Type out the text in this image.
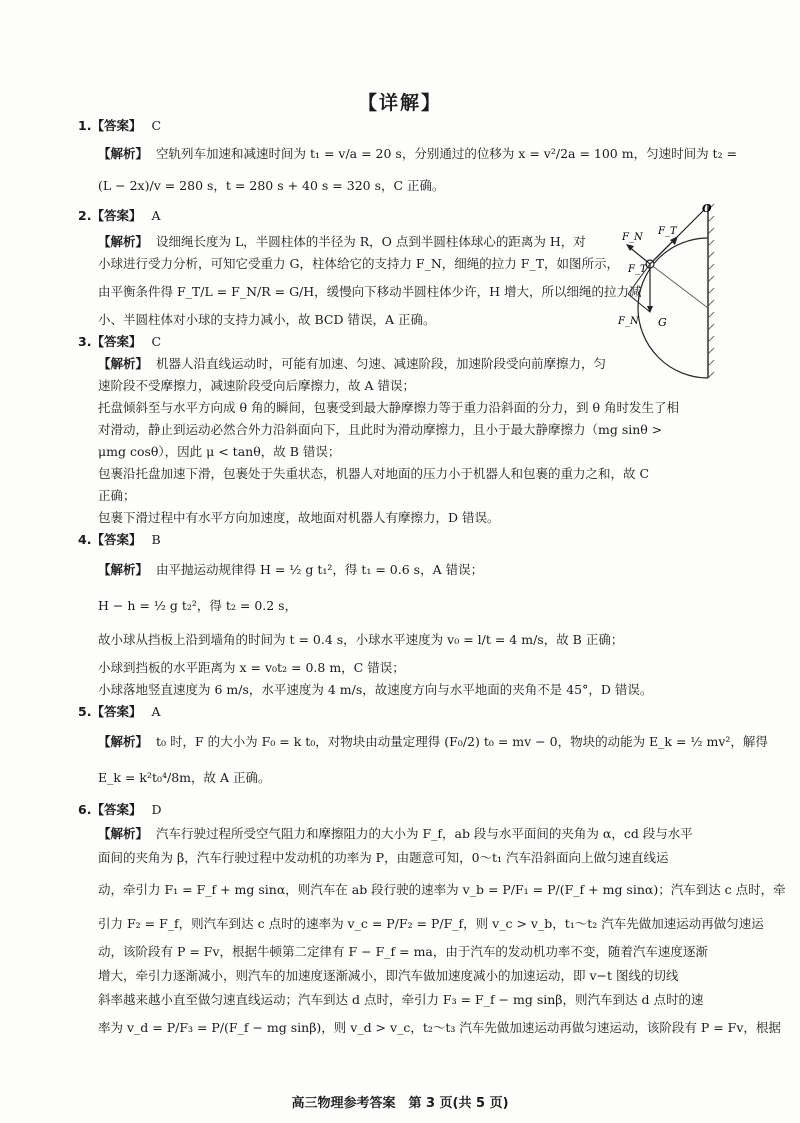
【详解】
1.【答案】 C
【解析】 空轨列车加速和减速时间为 t₁ = v/a = 20 s，分别通过的位移为 x = v²/2a = 100 m，匀速时间为 t₂ =
(L − 2x)/v = 280 s，t = 280 s + 40 s = 320 s，C 正确。
2.【答案】 A
【解析】 设细绳长度为 L，半圆柱体的半径为 R，O 点到半圆柱体球心的距离为 H，对
小球进行受力分析，可知它受重力 G，柱体给它的支持力 F_N，细绳的拉力 F_T，如图所示，
由平衡条件得 F_T/L = F_N/R = G/H，缓慢向下移动半圆柱体少许，H 增大，所以细绳的拉力减
小、半圆柱体对小球的支持力减小，故 BCD 错误，A 正确。
3.【答案】 C
【解析】 机器人沿直线运动时，可能有加速、匀速、减速阶段，加速阶段受向前摩擦力，匀
速阶段不受摩擦力，减速阶段受向后摩擦力，故 A 错误；
托盘倾斜至与水平方向成 θ 角的瞬间，包裹受到最大静摩擦力等于重力沿斜面的分力，到 θ 角时发生了相
对滑动，静止到运动必然合外力沿斜面向下，且此时为滑动摩擦力，且小于最大静摩擦力（mg sinθ >
μmg cosθ），因此 μ < tanθ，故 B 错误；
包裹沿托盘加速下滑，包裹处于失重状态，机器人对地面的压力小于机器人和包裹的重力之和，故 C
正确；
包裹下滑过程中有水平方向加速度，故地面对机器人有摩擦力，D 错误。
4.【答案】 B
【解析】 由平抛运动规律得 H = ½ g t₁²，得 t₁ = 0.6 s，A 错误；
H − h = ½ g t₂²，得 t₂ = 0.2 s，
故小球从挡板上沿到墙角的时间为 t = 0.4 s，小球水平速度为 v₀ = l/t = 4 m/s，故 B 正确；
小球到挡板的水平距离为 x = v₀t₂ = 0.8 m，C 错误；
小球落地竖直速度为 6 m/s，水平速度为 4 m/s，故速度方向与水平地面的夹角不是 45°，D 错误。
5.【答案】 A
【解析】 t₀ 时，F 的大小为 F₀ = k t₀，对物块由动量定理得 (F₀/2) t₀ = mv − 0，物块的动能为 E_k = ½ mv²，解得
E_k = k²t₀⁴/8m，故 A 正确。
6.【答案】 D
【解析】 汽车行驶过程所受空气阻力和摩擦阻力的大小为 F_f，ab 段与水平面间的夹角为 α，cd 段与水平
面间的夹角为 β，汽车行驶过程中发动机的功率为 P，由题意可知，0～t₁ 汽车沿斜面向上做匀速直线运
动，牵引力 F₁ = F_f + mg sinα，则汽车在 ab 段行驶的速率为 v_b = P/F₁ = P/(F_f + mg sinα)；汽车到达 c 点时，牵
引力 F₂ = F_f，则汽车到达 c 点时的速率为 v_c = P/F₂ = P/F_f，则 v_c > v_b，t₁～t₂ 汽车先做加速运动再做匀速运
动，该阶段有 P = Fv，根据牛顿第二定律有 F − F_f = ma，由于汽车的发动机功率不变，随着汽车速度逐渐
增大，牵引力逐渐减小，则汽车的加速度逐渐减小，即汽车做加速度减小的加速运动，即 v−t 图线的切线
斜率越来越小直至做匀速直线运动；汽车到达 d 点时，牵引力 F₃ = F_f − mg sinβ，则汽车到达 d 点时的速
率为 v_d = P/F₃ = P/(F_f − mg sinβ)，则 v_d > v_c，t₂～t₃ 汽车先做加速运动再做匀速运动，该阶段有 P = Fv，根据
O
F_T
F_N
F_T
F_N G
高三物理参考答案　第 3 页(共 5 页)
